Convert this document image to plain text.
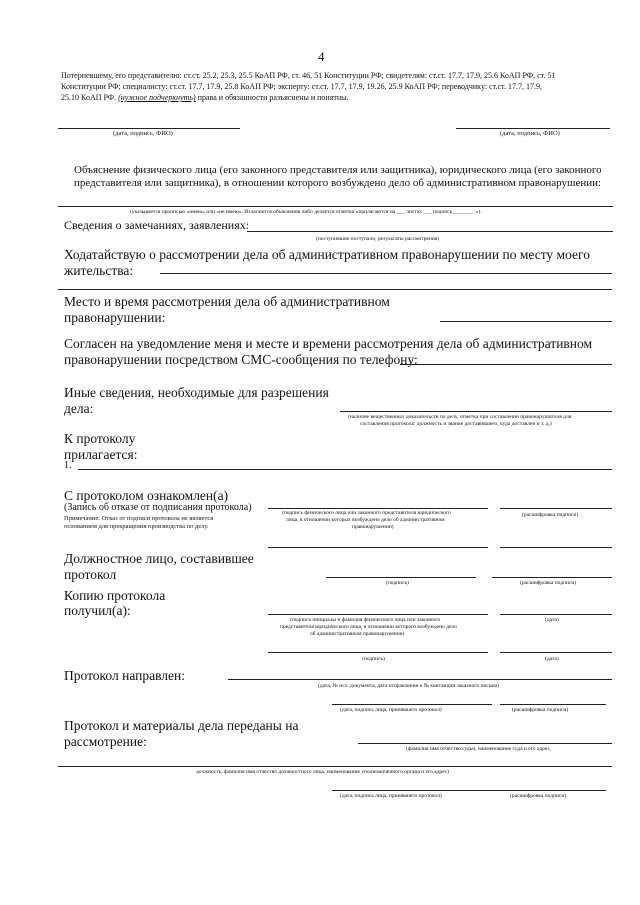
4
Потерпевшему, его представителю: ст.ст. 25.2, 25.3, 25.5 КоАП РФ, ст. 46, 51 Конституции РФ; свидетелям: ст.ст. 17.7, 17.9, 25.6 КоАП РФ, ст. 51
Конституции РФ; специалисту: ст.ст. 17.7, 17.9, 25.8 КоАП РФ; эксперту: ст.ст. 17.7, 17.9, 19.26, 25.9 КоАП РФ; переводчику: ст.ст. 17.7, 17.9,
25.10 КоАП РФ. (нужное подчеркнуть) права и обязанности разъяснены и понятны.
(дата, подпись, ФИО)	(дата, подпись, ФИО)
Объяснение физического лица (его законного представителя или защитника), юридического лица (его законного
представителя или защитника), в отношении которого возбуждено дело об административном правонарушении:
(указывается прописью «имею» или «не имею». Излагаются объяснения либо делается отметка «прилагаются на ___ листах ___ подпись________ »).
Сведения о замечаниях, заявлениях:
(поступившие поступали, результаты рассмотрения)
Ходатайствую о рассмотрении дела об административном правонарушении по месту моего
жительства:
Место и время рассмотрения дела об административном
правонарушении:
Согласен на уведомление меня и месте и времени рассмотрения дела об административном
правонарушении посредством СМС-сообщения по телефону:
Иные сведения, необходимые для разрешения
дела:
(наличие вещественных доказательств по делу, отметка при составлении правонарушителя для
составления протокола: должность и звание доставившего, куда доставлен и т. д.)
К протоколу
прилагается:
1.
С протоколом ознакомлен(а)
(Запись об отказе от подписания протокола)
Примечание: Отказ от подписи протокола не является
основанием для прекращения производства по делу.
(подпись физического лица или законного представителя юридического
лица, в отношении которых возбуждено дело об административном
правонарушении)
(расшифровка подписи)
Должностное лицо, составившее
протокол
(подпись)	(расшифровка подписи)
Копию протокола
получил(а):
(подпись инициалы и фамилия физического лица или законного
представителя юридического лица, в отношении которого возбуждено дело
об административном правонарушении)
(дата)
(подпись)	(дата)
Протокол направлен:
(дата, № исх. документа, дата отправления и № квитанции заказного письма)
(дата, подпись лица, принявшего протокол)	(расшифровка подписи)
Протокол и материалы дела переданы на
рассмотрение:	(фамилия имя отчество судьи, наименование суда и его адрес,
должность, фамилия имя отчество должностного лица, наименование уполномоченного органа и его адрес)
(дата, подпись лица, принявшего протокол)	(расшифровка подписи)
